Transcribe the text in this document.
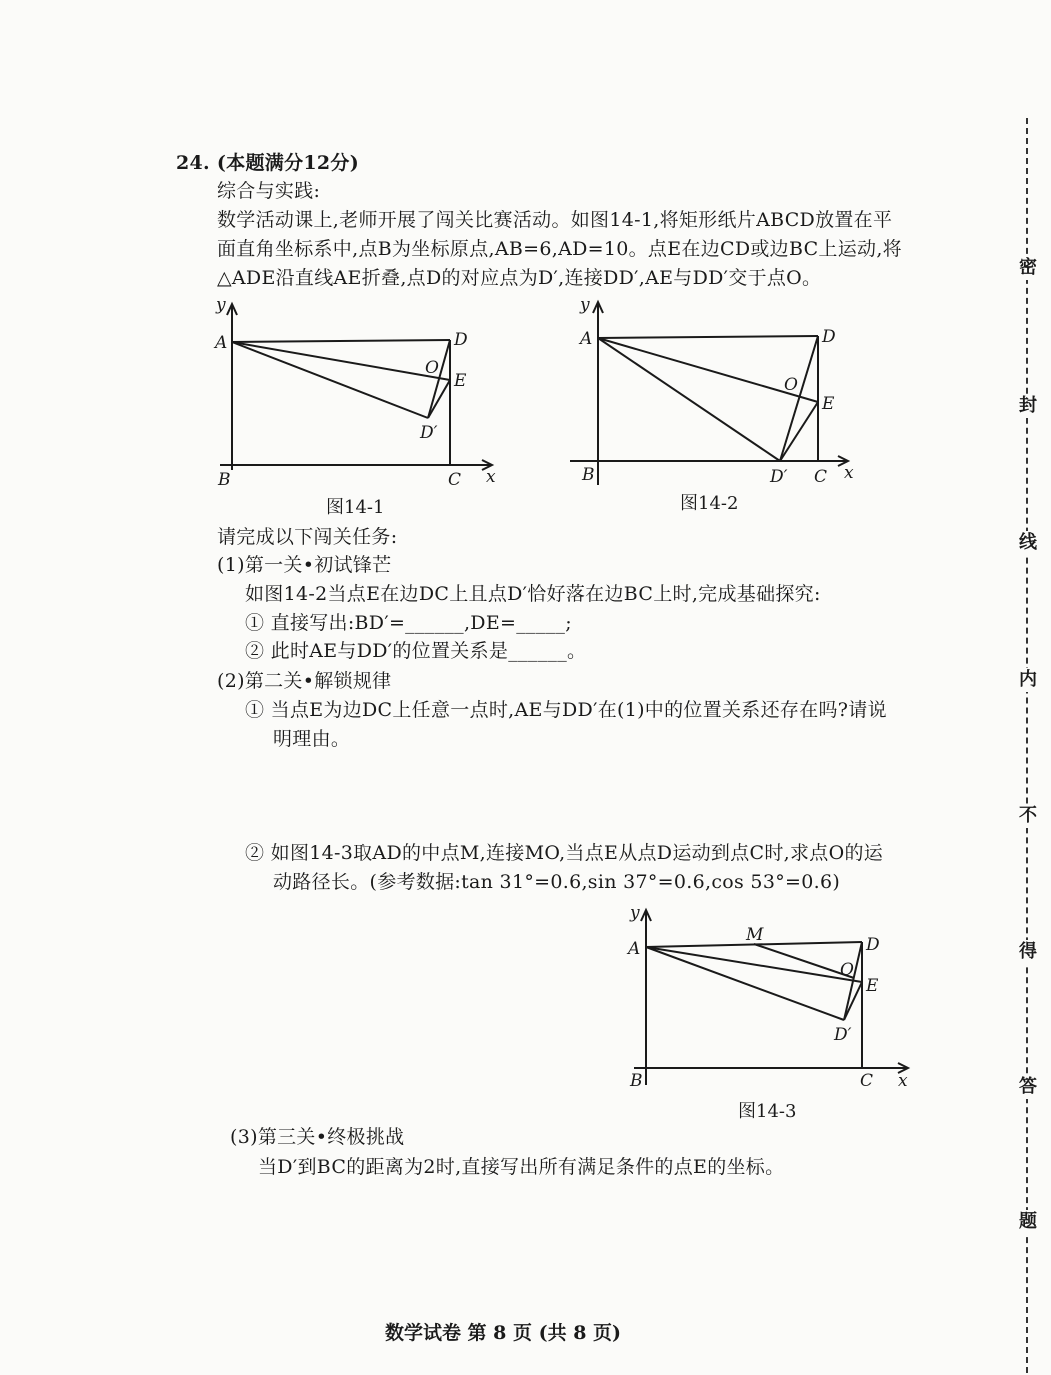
24. (本题满分12分)
综合与实践:
数学活动课上,老师开展了闯关比赛活动。如图14-1,将矩形纸片ABCD放置在平
面直角坐标系中,点B为坐标原点,AB=6,AD=10。点E在边CD或边BC上运动,将
△ADE沿直线AE折叠,点D的对应点为D′,连接DD′,AE与DD′交于点O。
y
A	D
O
E
D′
B	C x
图14-1
y
A	D
O
E
B	D′ C x
图14-2
请完成以下闯关任务:
(1)第一关•初试锋芒
如图14-2当点E在边DC上且点D′恰好落在边BC上时,完成基础探究:
① 直接写出:BD′=______,DE=_____;
② 此时AE与DD′的位置关系是______。
(2)第二关•解锁规律
① 当点E为边DC上任意一点时,AE与DD′在(1)中的位置关系还存在吗?请说
明理由。
② 如图14-3取AD的中点M,连接MO,当点E从点D运动到点C时,求点O的运
动路径长。(参考数据:tan 31°=0.6,sin 37°=0.6,cos 53°=0.6)
y
A
M	D
O
E
D′
B	C x
图14-3
(3)第三关•终极挑战
当D′到BC的距离为2时,直接写出所有满足条件的点E的坐标。
数学试卷 第 8 页 (共 8 页)
密
封
线
内
不
得
答
题
